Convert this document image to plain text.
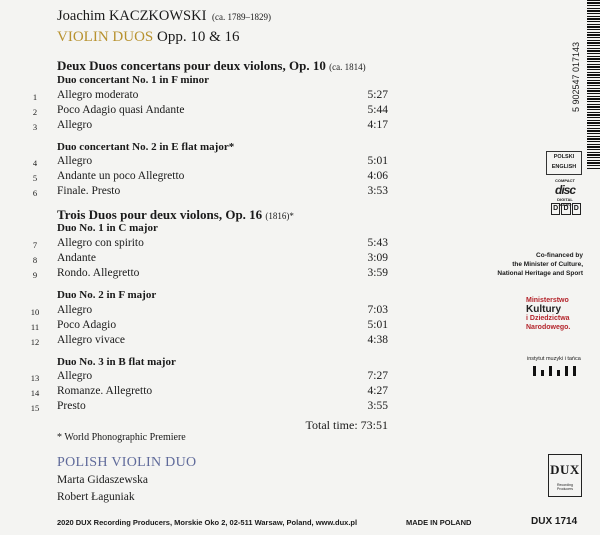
Joachim KACZKOWSKI (ca. 1789–1829)
VIOLIN DUOS Opp. 10 & 16
Deux Duos concertans pour deux violons, Op. 10 (ca. 1814)
Duo concertant No. 1 in F minor
1	Allegro moderato	5:27
2	Poco Adagio quasi Andante	5:44
3	Allegro	4:17
Duo concertant No. 2 in E flat major*
4	Allegro	5:01
5	Andante un poco Allegretto	4:06
6	Finale. Presto	3:53
Trois Duos pour deux violons, Op. 16 (1816)*
Duo No. 1 in C major
7	Allegro con spirito	5:43
8	Andante	3:09
9	Rondo. Allegretto	3:59
Duo No. 2 in F major
10 Allegro	7:03
11 Poco Adagio	5:01
12 Allegro vivace	4:38
Duo No. 3 in B flat major
13 Allegro	7:27
14 Romanze. Allegretto	4:27
15 Presto	3:55
Total time: 73:51
* World Phonographic Premiere
POLISH VIOLIN DUO
Marta Gidaszewska
Robert Łaguniak
2020 DUX Recording Producers, Morskie Oko 2, 02-511 Warsaw, Poland, www.dux.pl	MADE IN POLAND	DUX 1714
5 902547 017143
POLSKI
ENGLISH
COMPACT
disc
DIGITAL AUDIO
D D D
Co-financed by
the Minister of Culture,
National Heritage and Sport
Ministerstwo
Kultury
i Dziedzictwa
Narodowego.
instytut muzyki i tańca
DUX
Recording Producers
